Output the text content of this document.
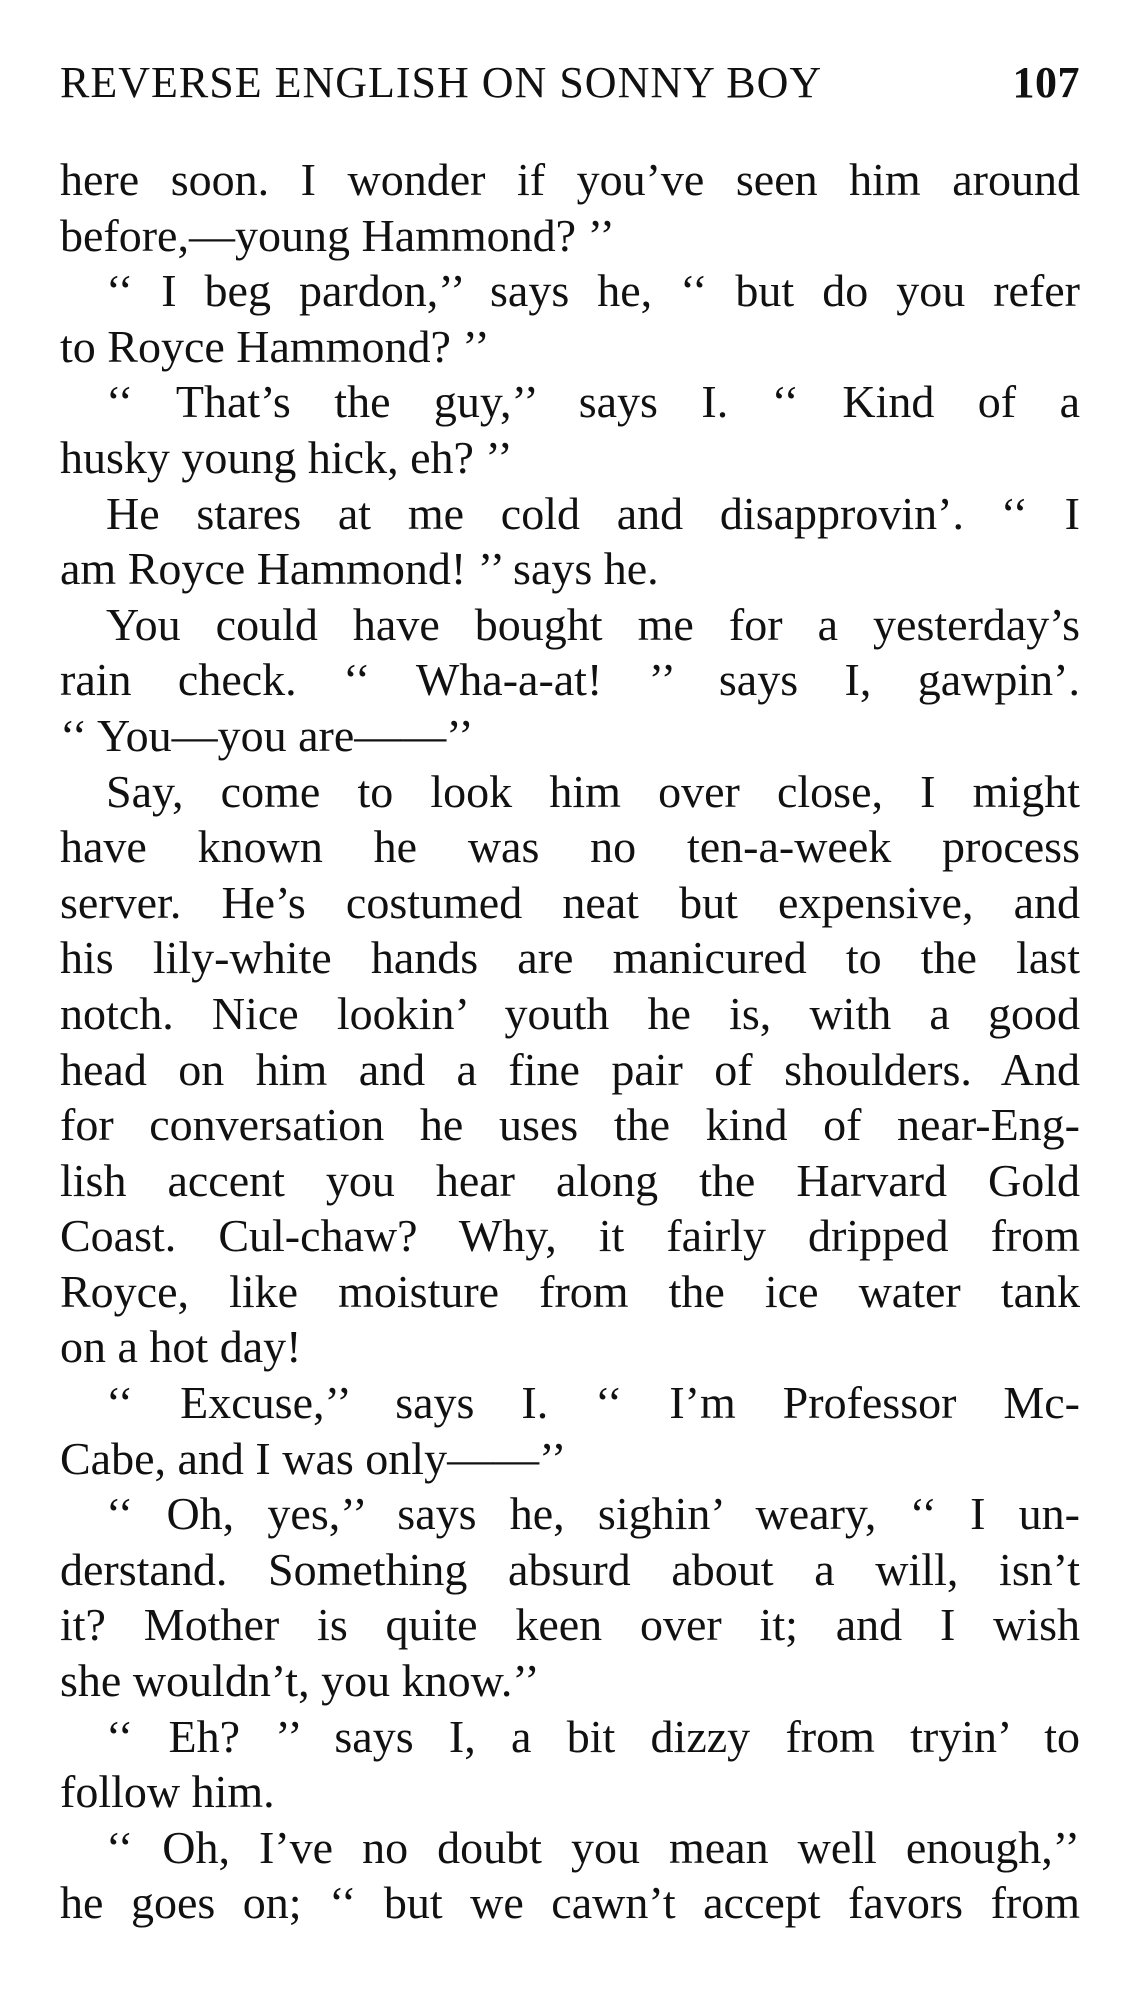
REVERSE ENGLISH ON SONNY BOY	107
here soon. I wonder if you’ve seen him around
before,—young Hammond? ’’
‘‘ I beg pardon,’’ says he, ‘‘ but do you refer
to Royce Hammond? ’’
‘‘ That’s the guy,’’ says I. ‘‘ Kind of a
husky young hick, eh? ’’
He stares at me cold and disapprovin’. ‘‘ I
am Royce Hammond! ’’ says he.
You could have bought me for a yesterday’s
rain check. ‘‘ Wha-a-at! ’’ says I, gawpin’.
‘‘ You—you are——’’
Say, come to look him over close, I might
have known he was no ten-a-week process
server. He’s costumed neat but expensive, and
his lily-white hands are manicured to the last
notch. Nice lookin’ youth he is, with a good
head on him and a fine pair of shoulders. And
for conversation he uses the kind of near-Eng-
lish accent you hear along the Harvard Gold
Coast. Cul-chaw? Why, it fairly dripped from
Royce, like moisture from the ice water tank
on a hot day!
‘‘ Excuse,’’ says I. ‘‘ I’m Professor Mc-
Cabe, and I was only——’’
‘‘ Oh, yes,’’ says he, sighin’ weary, ‘‘ I un-
derstand. Something absurd about a will, isn’t
it? Mother is quite keen over it; and I wish
she wouldn’t, you know.’’
‘‘ Eh? ’’ says I, a bit dizzy from tryin’ to
follow him.
‘‘ Oh, I’ve no doubt you mean well enough,’’
he goes on; ‘‘ but we cawn’t accept favors from
